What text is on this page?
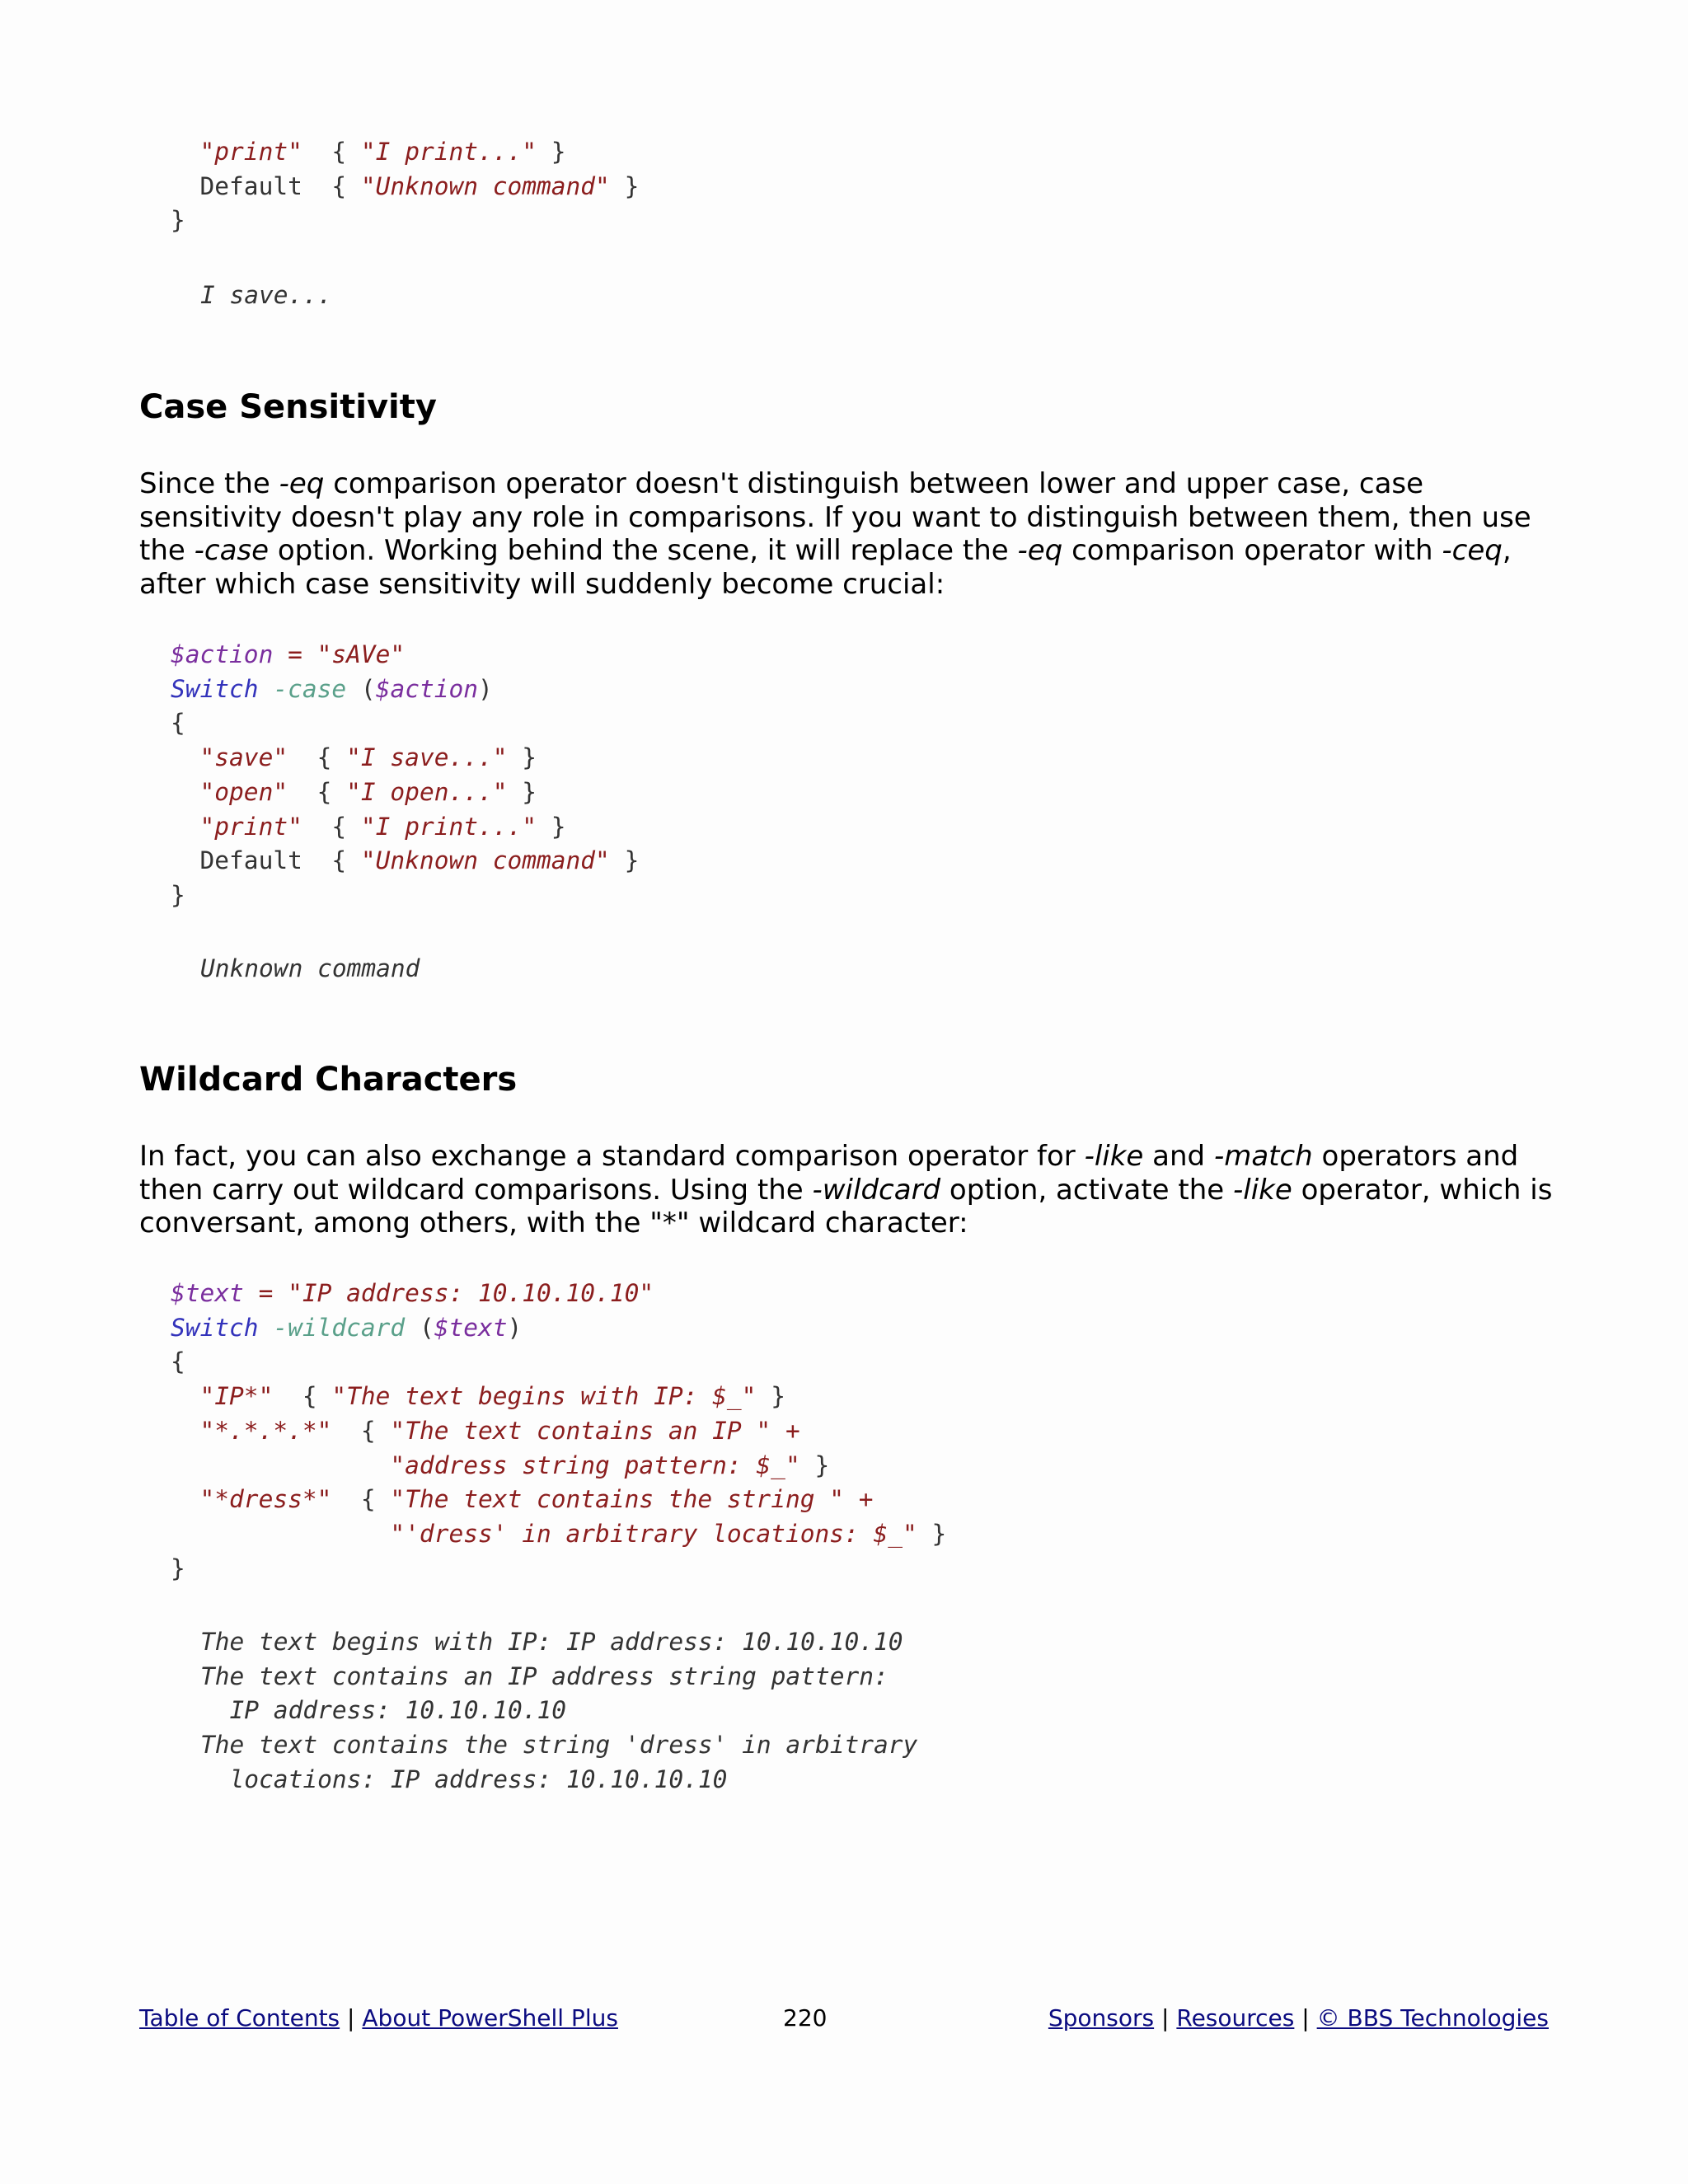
"print"  { "I print..." }
Default  { "Unknown command" }
}
I save...
Case Sensitivity

Since the -eq comparison operator doesn't distinguish between lower and upper case, case sensitivity doesn't play any role in comparisons. If you want to distinguish between them, then use the -case option. Working behind the scene, it will replace the -eq comparison operator with -ceq, after which case sensitivity will suddenly become crucial:

$action = "sAVe"
Switch -case ($action)
{
"save"  { "I save..." }
"open"  { "I open..." }
"print"  { "I print..." }
Default  { "Unknown command" }
}
Unknown command
Wildcard Characters

In fact, you can also exchange a standard comparison operator for -like and -match operators and then carry out wildcard comparisons. Using the -wildcard option, activate the -like operator, which is conversant, among others, with the "*" wildcard character:

$text = "IP address: 10.10.10.10"
Switch -wildcard ($text)
{
"IP*"  { "The text begins with IP: $_" }
"*.*.*.*"  { "The text contains an IP " +
"address string pattern: $_" }
"*dress*"  { "The text contains the string " +
"'dress' in arbitrary locations: $_" }
}
The text begins with IP: IP address: 10.10.10.10
The text contains an IP address string pattern:
IP address: 10.10.10.10
The text contains the string 'dress' in arbitrary
locations: IP address: 10.10.10.10
Table of Contents | About PowerShell Plus	220	Sponsors | Resources | © BBS Technologies
